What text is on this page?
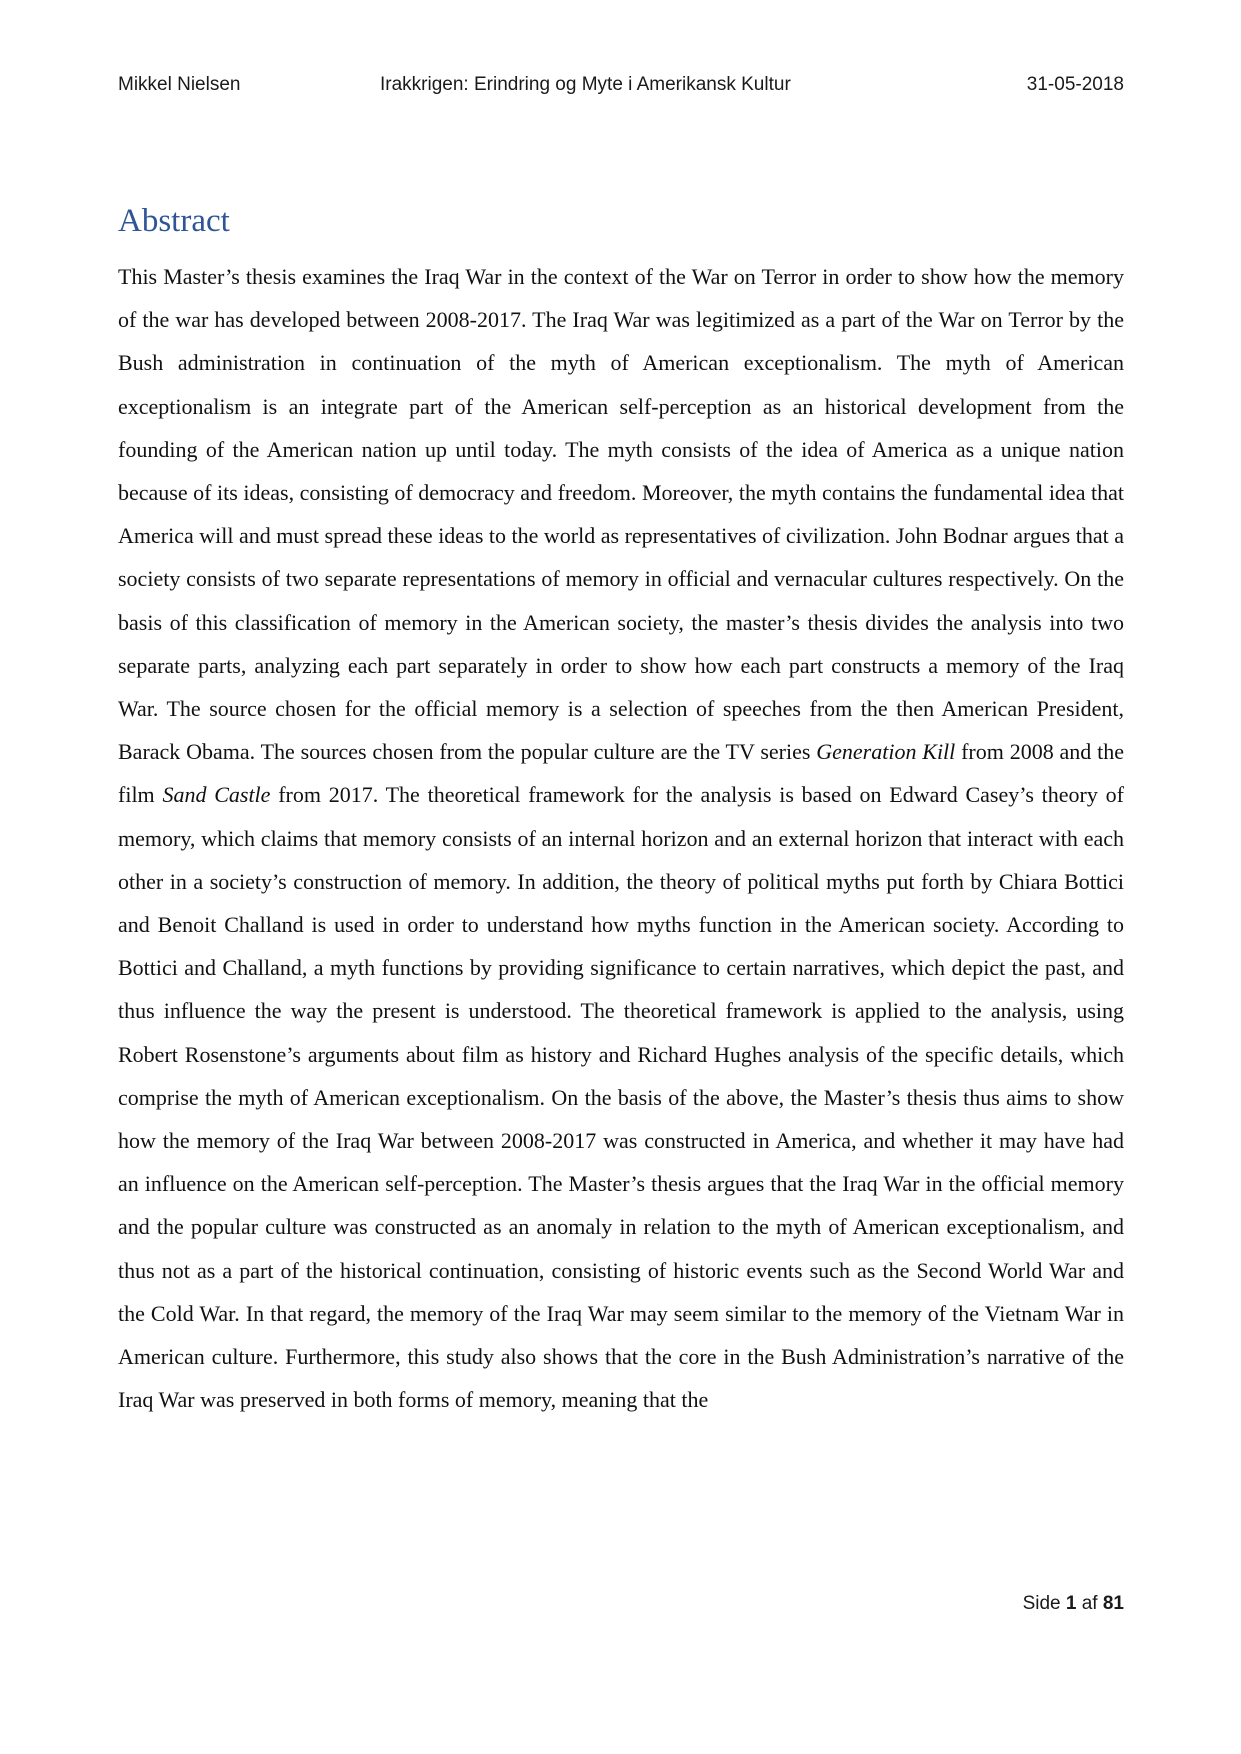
Mikkel Nielsen	Irakkrigen: Erindring og Myte i Amerikansk Kultur	31-05-2018
Abstract

This Master’s thesis examines the Iraq War in the context of the War on Terror in order to show how the memory of the war has developed between 2008-2017. The Iraq War was legitimized as a part of the War on Terror by the Bush administration in continuation of the myth of American exceptionalism. The myth of American exceptionalism is an integrate part of the American self-perception as an historical development from the founding of the American nation up until today. The myth consists of the idea of America as a unique nation because of its ideas, consisting of democracy and freedom. Moreover, the myth contains the fundamental idea that America will and must spread these ideas to the world as representatives of civilization. John Bodnar argues that a society consists of two separate representations of memory in official and vernacular cultures respectively. On the basis of this classification of memory in the American society, the master’s thesis divides the analysis into two separate parts, analyzing each part separately in order to show how each part constructs a memory of the Iraq War. The source chosen for the official memory is a selection of speeches from the then American President, Barack Obama. The sources chosen from the popular culture are the TV series Generation Kill from 2008 and the film Sand Castle from 2017. The theoretical framework for the analysis is based on Edward Casey’s theory of memory, which claims that memory consists of an internal horizon and an external horizon that interact with each other in a society’s construction of memory. In addition, the theory of political myths put forth by Chiara Bottici and Benoit Challand is used in order to understand how myths function in the American society. According to Bottici and Challand, a myth functions by providing significance to certain narratives, which depict the past, and thus influence the way the present is understood. The theoretical framework is applied to the analysis, using Robert Rosenstone’s arguments about film as history and Richard Hughes analysis of the specific details, which comprise the myth of American exceptionalism. On the basis of the above, the Master’s thesis thus aims to show how the memory of the Iraq War between 2008-2017 was constructed in America, and whether it may have had an influence on the American self-perception. The Master’s thesis argues that the Iraq War in the official memory and the popular culture was constructed as an anomaly in relation to the myth of American exceptionalism, and thus not as a part of the historical continuation, consisting of historic events such as the Second World War and the Cold War. In that regard, the memory of the Iraq War may seem similar to the memory of the Vietnam War in American culture. Furthermore, this study also shows that the core in the Bush Administration’s narrative of the Iraq War was preserved in both forms of memory, meaning that the

Side 1 af 81
